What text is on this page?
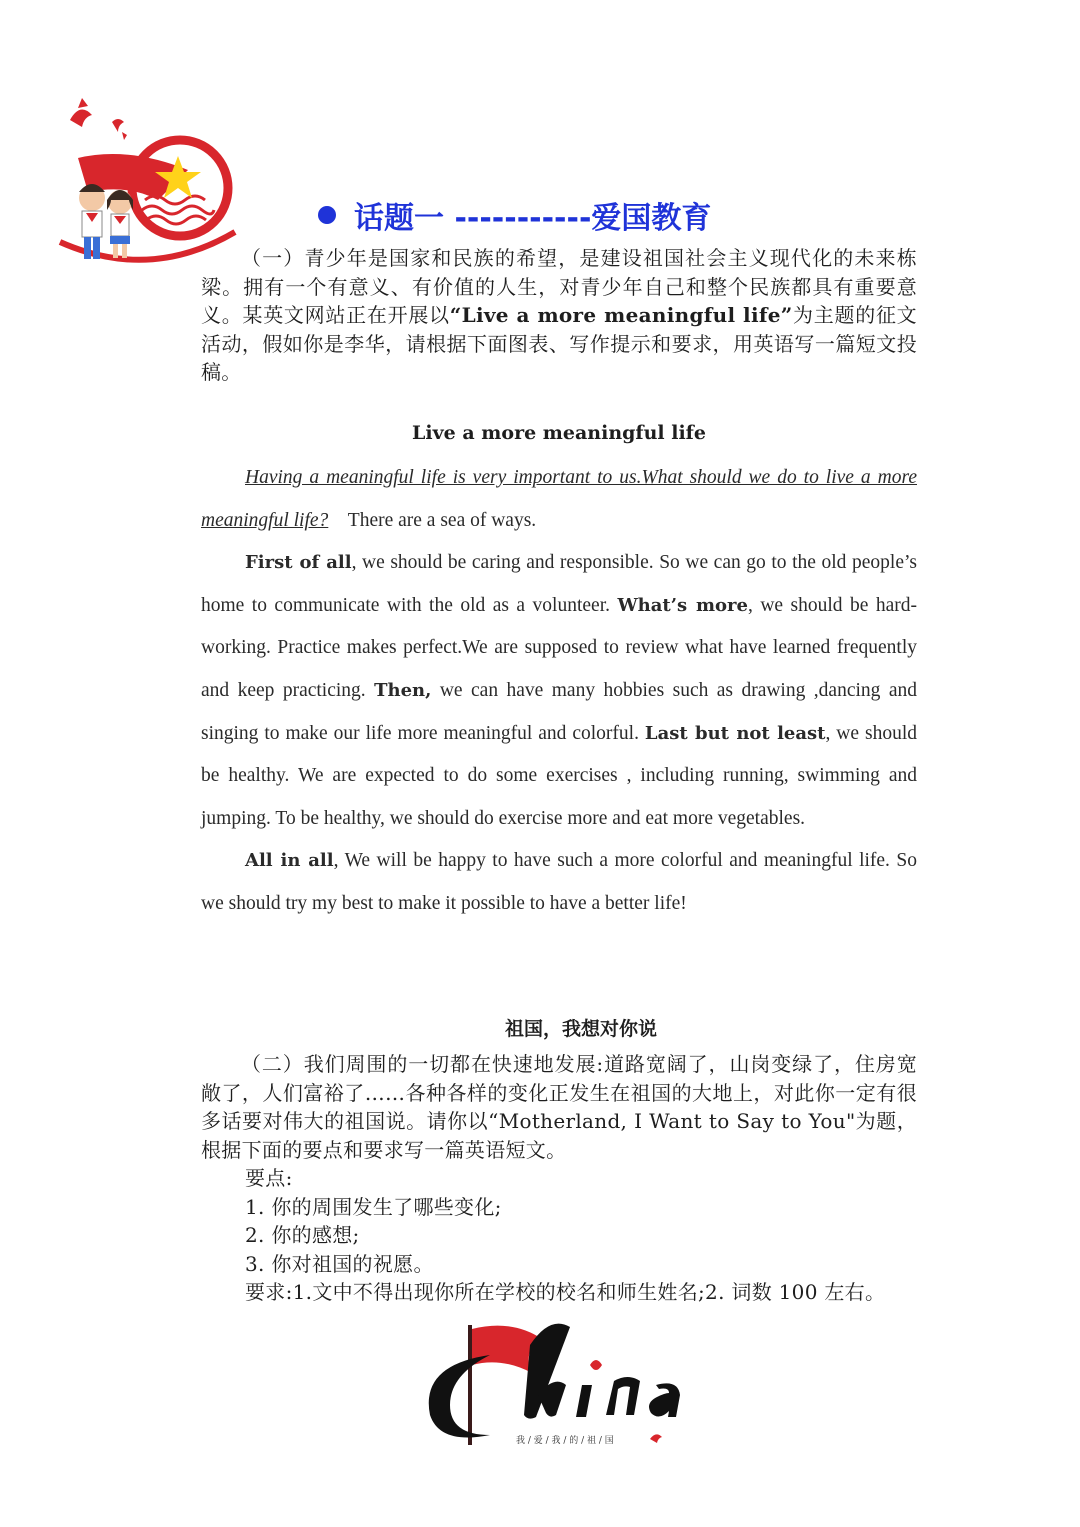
话题一 -----------爱国教育
（一）青少年是国家和民族的希望，是建设祖国社会主义现代化的未来栋梁。拥有一个有意义、有价值的人生，对青少年自己和整个民族都具有重要意义。某英文网站正在开展以“Live a more meaningful life”为主题的征文活动，假如你是李华，请根据下面图表、写作提示和要求，用英语写一篇短文投稿。
Live a more meaningful life

Having a meaningful life is very important to us.What should we do to live a more meaningful life? There are a sea of ways.

First of all, we should be caring and responsible. So we can go to the old people’s home to communicate with the old as a volunteer. What’s more, we should be hard-working. Practice makes perfect.We are supposed to review what have learned frequently and keep practicing. Then, we can have many hobbies such as drawing ,dancing and singing to make our life more meaningful and colorful. Last but not least, we should be healthy. We are expected to do some exercises , including running, swimming and jumping. To be healthy, we should do exercise more and eat more vegetables.

All in all, We will be happy to have such a more colorful and meaningful life. So we should try my best to make it possible to have a better life!

祖国，我想对你说

（二）我们周围的一切都在快速地发展:道路宽阔了，山岗变绿了，住房宽敞了，人们富裕了……各种各样的变化正发生在祖国的大地上，对此你一定有很多话要对伟大的祖国说。请你以“Motherland, I Want to Say to You"为题，根据下面的要点和要求写一篇英语短文。

要点:

1. 你的周围发生了哪些变化;

2. 你的感想;

3. 你对祖国的祝愿。

要求:1.文中不得出现你所在学校的校名和师生姓名;2. 词数 100 左右。

我 / 爱 / 我 / 的 / 祖 / 国
